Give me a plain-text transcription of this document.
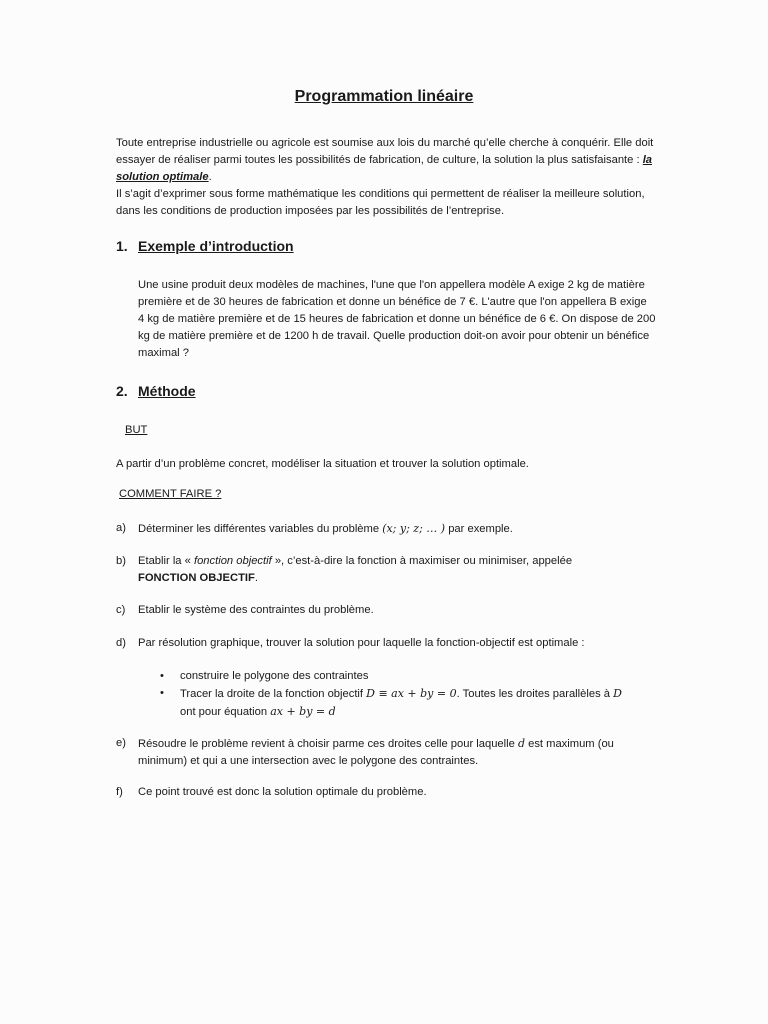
Programmation linéaire

Toute entreprise industrielle ou agricole est soumise aux lois du marché qu’elle cherche à conquérir. Elle doit essayer de réaliser parmi toutes les possibilités de fabrication, de culture, la solution la plus satisfaisante : la solution optimale.
Il s’agit d’exprimer sous forme mathématique les conditions qui permettent de réaliser la meilleure solution, dans les conditions de production imposées par les possibilités de l’entreprise.

1. Exemple d’introduction

Une usine produit deux modèles de machines, l'une que l'on appellera modèle A exige 2 kg de matière première et de 30 heures de fabrication et donne un bénéfice de 7 €. L'autre que l'on appellera B exige 4 kg de matière première et de 15 heures de fabrication et donne un bénéfice de 6 €. On dispose de 200 kg de matière première et de 1200 h de travail. Quelle production doit-on avoir pour obtenir un bénéfice maximal ?

2. Méthode
BUT

A partir d’un problème concret, modéliser la situation et trouver la solution optimale.

COMMENT FAIRE ?
a) Déterminer les différentes variables du problème (x; y; z; … ) par exemple.
b) Etablir la « fonction objectif », c’est-à-dire la fonction à maximiser ou minimiser, appelée
FONCTION OBJECTIF.
c) Etablir le système des contraintes du problème.
d) Par résolution graphique, trouver la solution pour laquelle la fonction-objectif est optimale :
• construire le polygone des contraintes
• Tracer la droite de la fonction objectif D ≡ ax + by = 0. Toutes les droites parallèles à D
ont pour équation ax + by = d
e) Résoudre le problème revient à choisir parme ces droites celle pour laquelle d est maximum (ou minimum) et qui a une intersection avec le polygone des contraintes.
f) Ce point trouvé est donc la solution optimale du problème.
